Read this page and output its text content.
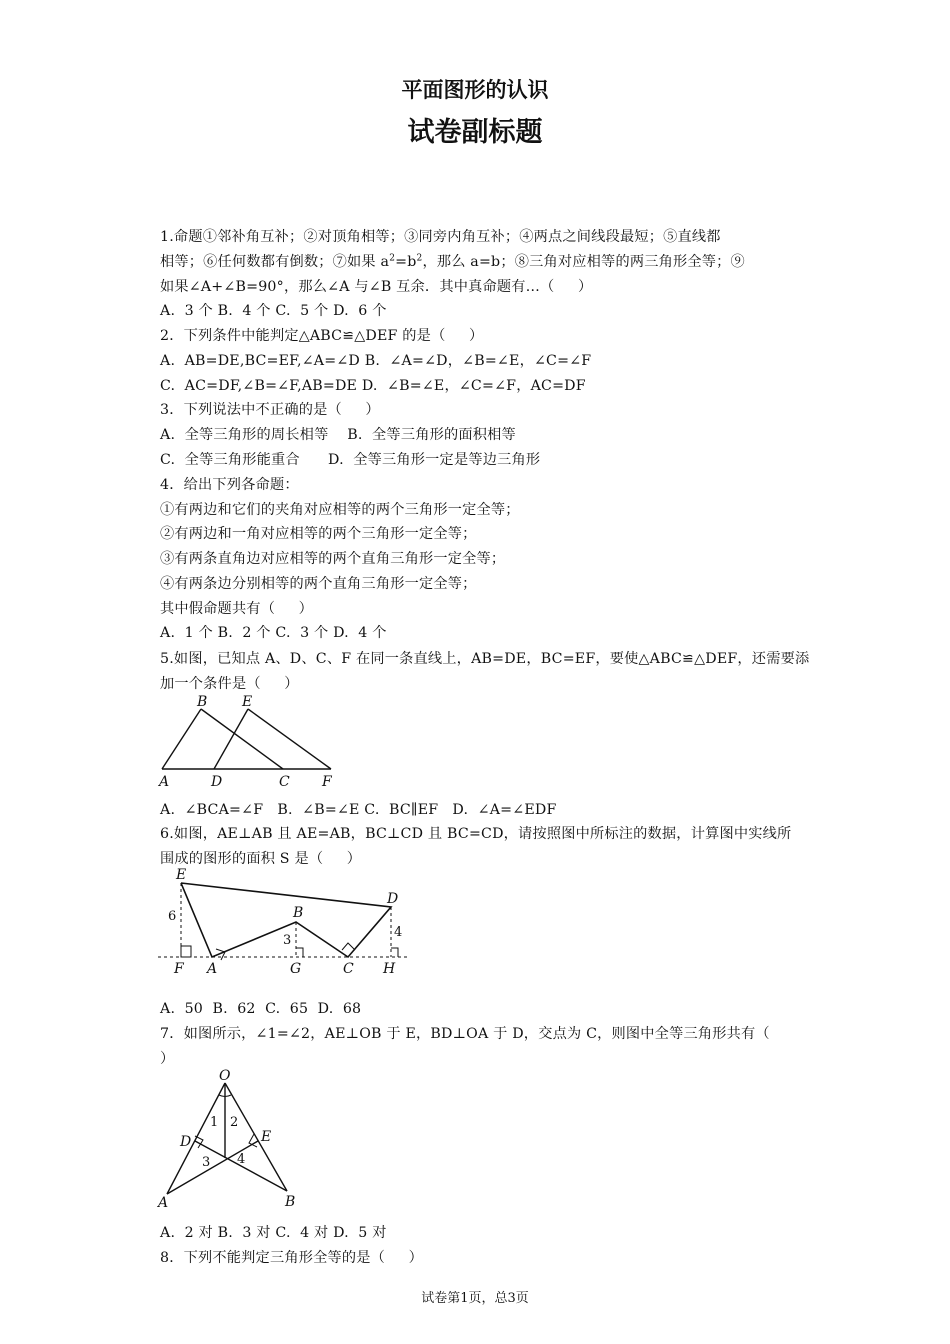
平面图形的认识
试卷副标题
1.命题①邻补角互补；②对顶角相等；③同旁内角互补；④两点之间线段最短；⑤直线都
相等；⑥任何数都有倒数；⑦如果 $a^2=b^2$，那么 a=b；⑧三角对应相等的两三角形全等；⑨
如果∠A+∠B=90°，那么∠A 与∠B 互余．其中真命题有…（     ）
A.  3 个 B.  4 个 C.  5 个 D.  6 个
2．下列条件中能判定△ABC≌△DEF 的是（     ）
A.  AB=DE,BC=EF,∠A=∠D B.  ∠A=∠D，∠B=∠E，∠C=∠F
C.  AC=DF,∠B=∠F,AB=DE D.  ∠B=∠E，∠C=∠F，AC=DF
3．下列说法中不正确的是（     ）
A.  全等三角形的周长相等    B.  全等三角形的面积相等
C.  全等三角形能重合      D.  全等三角形一定是等边三角形
4．给出下列各命题：
①有两边和它们的夹角对应相等的两个三角形一定全等；
②有两边和一角对应相等的两个三角形一定全等；
③有两条直角边对应相等的两个直角三角形一定全等；
④有两条边分别相等的两个直角三角形一定全等；
其中假命题共有（     ）
A.  1 个 B.  2 个 C.  3 个 D.  4 个
5.如图，已知点 A、D、C、F 在同一条直线上，AB=DE，BC=EF，要使△ABC≌△DEF，还需要添
加一个条件是（     ）
B E
A	D	C F
A.  ∠BCA=∠F   B.  ∠B=∠E C.  BC∥EF   D.  ∠A=∠EDF
6.如图，AE⊥AB 且 AE=AB，BC⊥CD 且 BC=CD，请按照图中所标注的数据，计算图中实线所
围成的图形的面积 S 是（     ）
E
D
B
F A	G	C H
6
3
4
A.  50  B.  62  C.  65  D.  68
7．如图所示，∠1=∠2，AE⊥OB 于 E，BD⊥OA 于 D，交点为 C，则图中全等三角形共有（
）
O
D	E
A	B
1 2
3 4
A.  2 对 B.  3 对 C.  4 对 D.  5 对
8．下列不能判定三角形全等的是（     ）
试卷第1页，总3页
